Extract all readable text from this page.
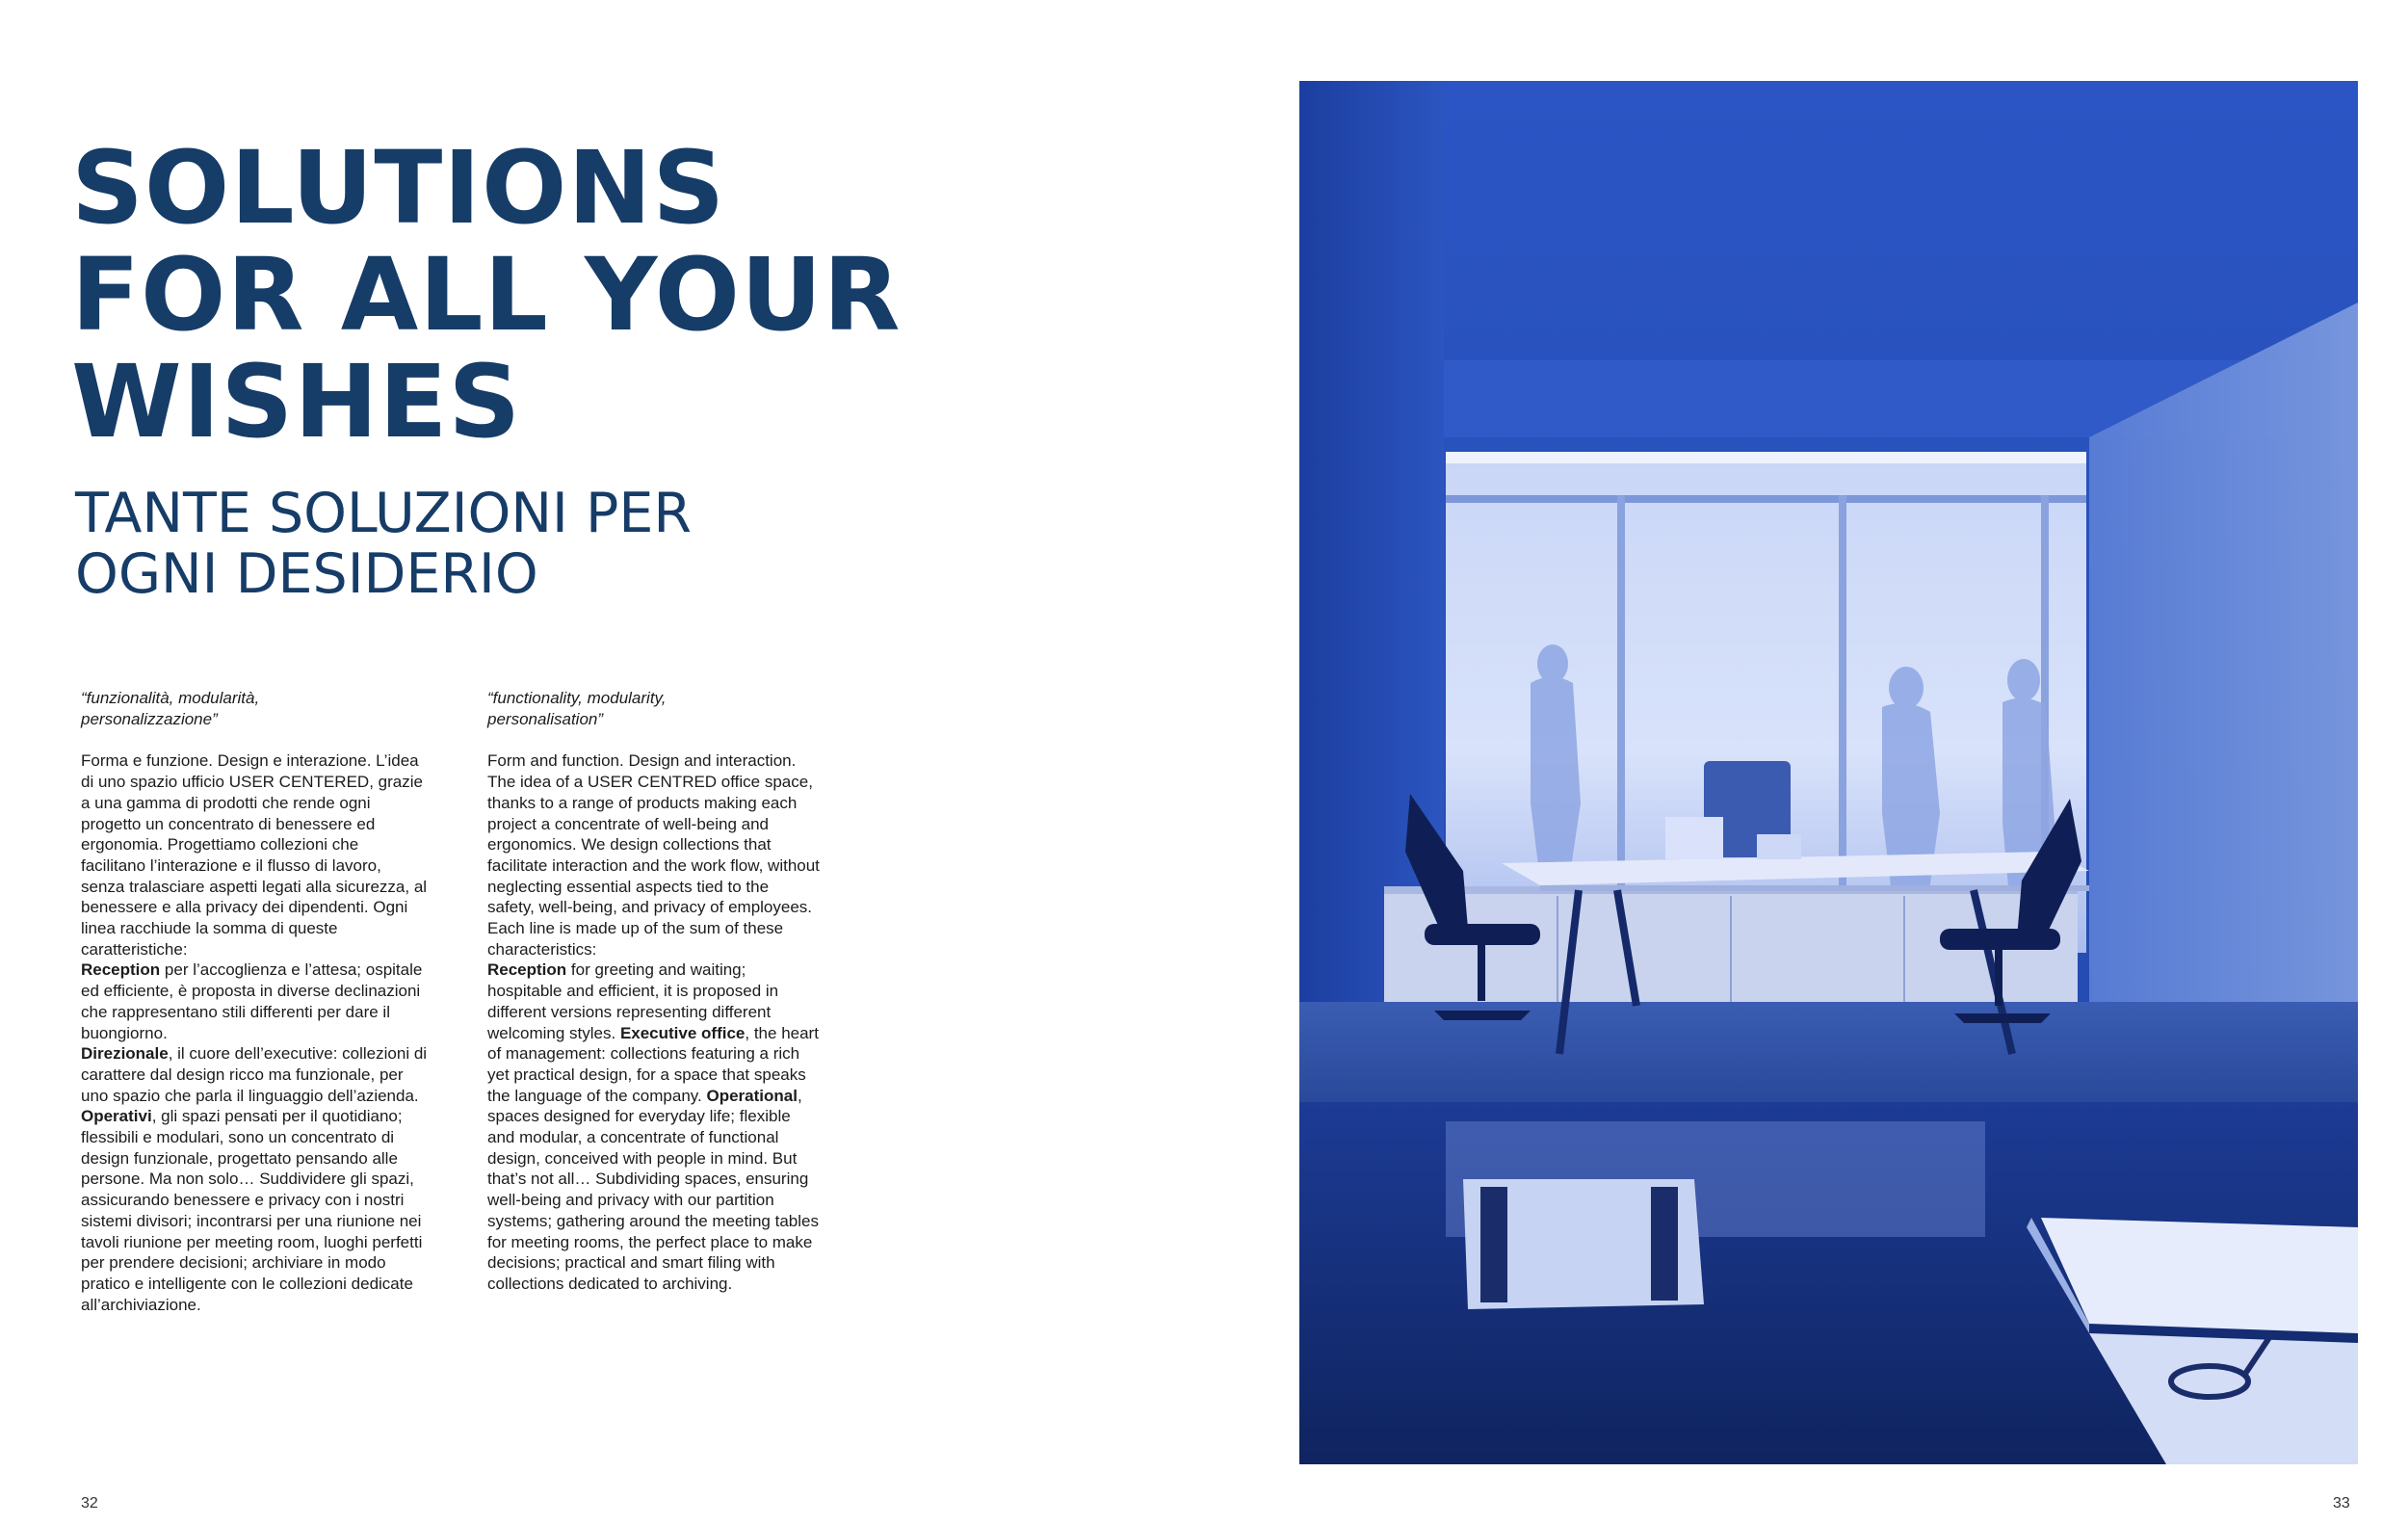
SOLUTIONS
FOR ALL YOUR
WISHES
TANTE SOLUZIONI PER
OGNI DESIDERIO

“funzionalità, modularità,
personalizzazione”

Forma e funzione. Design e interazione. L’idea di uno spazio ufficio USER CENTERED, grazie a una gamma di prodotti che rende ogni progetto un concentrato di benessere ed ergonomia. Progettiamo collezioni che facilitano l’interazione e il flusso di lavoro, senza tralasciare aspetti legati alla sicurezza, al benessere e alla privacy dei dipendenti. Ogni linea racchiude la somma di queste caratteristiche:
Reception per l’accoglienza e l’attesa; ospitale ed efficiente, è proposta in diverse declinazioni che rappresentano stili differenti per dare il buongiorno.
Direzionale, il cuore dell’executive: collezioni di carattere dal design ricco ma funzionale, per uno spazio che parla il linguaggio dell’azienda. Operativi, gli spazi pensati per il quotidiano; flessibili e modulari, sono un concentrato di design funzionale, progettato pensando alle persone. Ma non solo… Suddividere gli spazi, assicurando benessere e privacy con i nostri sistemi divisori; incontrarsi per una riunione nei tavoli riunione per meeting room, luoghi perfetti per prendere decisioni; archiviare in modo pratico e intelligente con le collezioni dedicate all’archiviazione.

“functionality, modularity,
personalisation”

Form and function. Design and interaction. The idea of a USER CENTRED office space, thanks to a range of products making each project a concentrate of well-being and ergonomics. We design collections that facilitate interaction and the work flow, without neglecting essential aspects tied to the safety, well-being, and privacy of employees. Each line is made up of the sum of these characteristics:
Reception for greeting and waiting; hospitable and efficient, it is proposed in different versions representing different welcoming styles. Executive office, the heart of management: collections featuring a rich yet practical design, for a space that speaks the language of the company. Operational, spaces designed for everyday life; flexible and modular, a concentrate of functional design, conceived with people in mind. But that’s not all… Subdividing spaces, ensuring well-being and privacy with our partition systems; gathering around the meeting tables for meeting rooms, the perfect place to make decisions; practical and smart filing with collections dedicated to archiving.

32	33
